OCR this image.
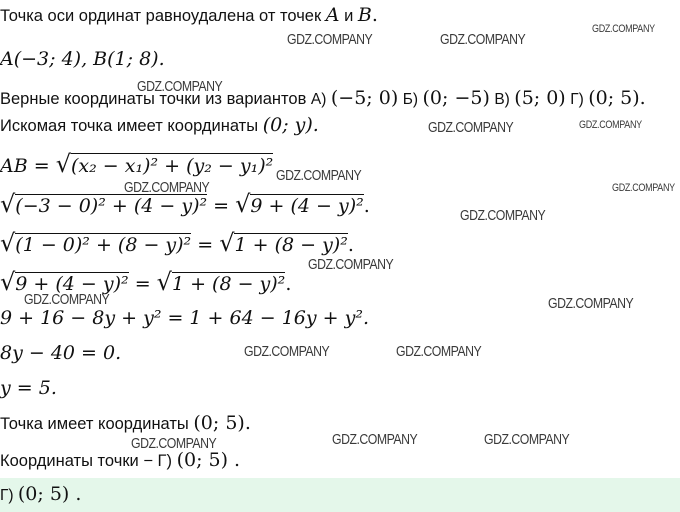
Точка оси ординат равноудалена от точек A и B.
A(−3; 4), B(1; 8).
Верные координаты точки из вариантов А) (−5; 0) Б) (0; −5) В) (5; 0) Г) (0; 5).
Искомая точка имеет координаты (0; y).
AB = √(x₂ − x₁)² + (y₂ − y₁)²
√(−3 − 0)² + (4 − y)² = √9 + (4 − y)².
√(1 − 0)² + (8 − y)² = √1 + (8 − y)².
√9 + (4 − y)² = √1 + (8 − y)².
9 + 16 − 8y + y² = 1 + 64 − 16y + y².
8y − 40 = 0.
y = 5.
Точка имеет координаты (0; 5).
Координаты точки − Г) (0; 5) .
Г) (0; 5) .
GDZ.COMPANY	GDZ.COMPANY
GDZ.COMPANY
GDZ.COMPANY
GDZ.COMPANY	GDZ.COMPANY
GDZ.COMPANY
GDZ.COMPANY	GDZ.COMPANY
GDZ.COMPANY
GDZ.COMPANY
GDZ.COMPANY	GDZ.COMPANY
GDZ.COMPANY	GDZ.COMPANY
GDZ.COMPANY	GDZ.COMPANY
GDZ.COMPANY
